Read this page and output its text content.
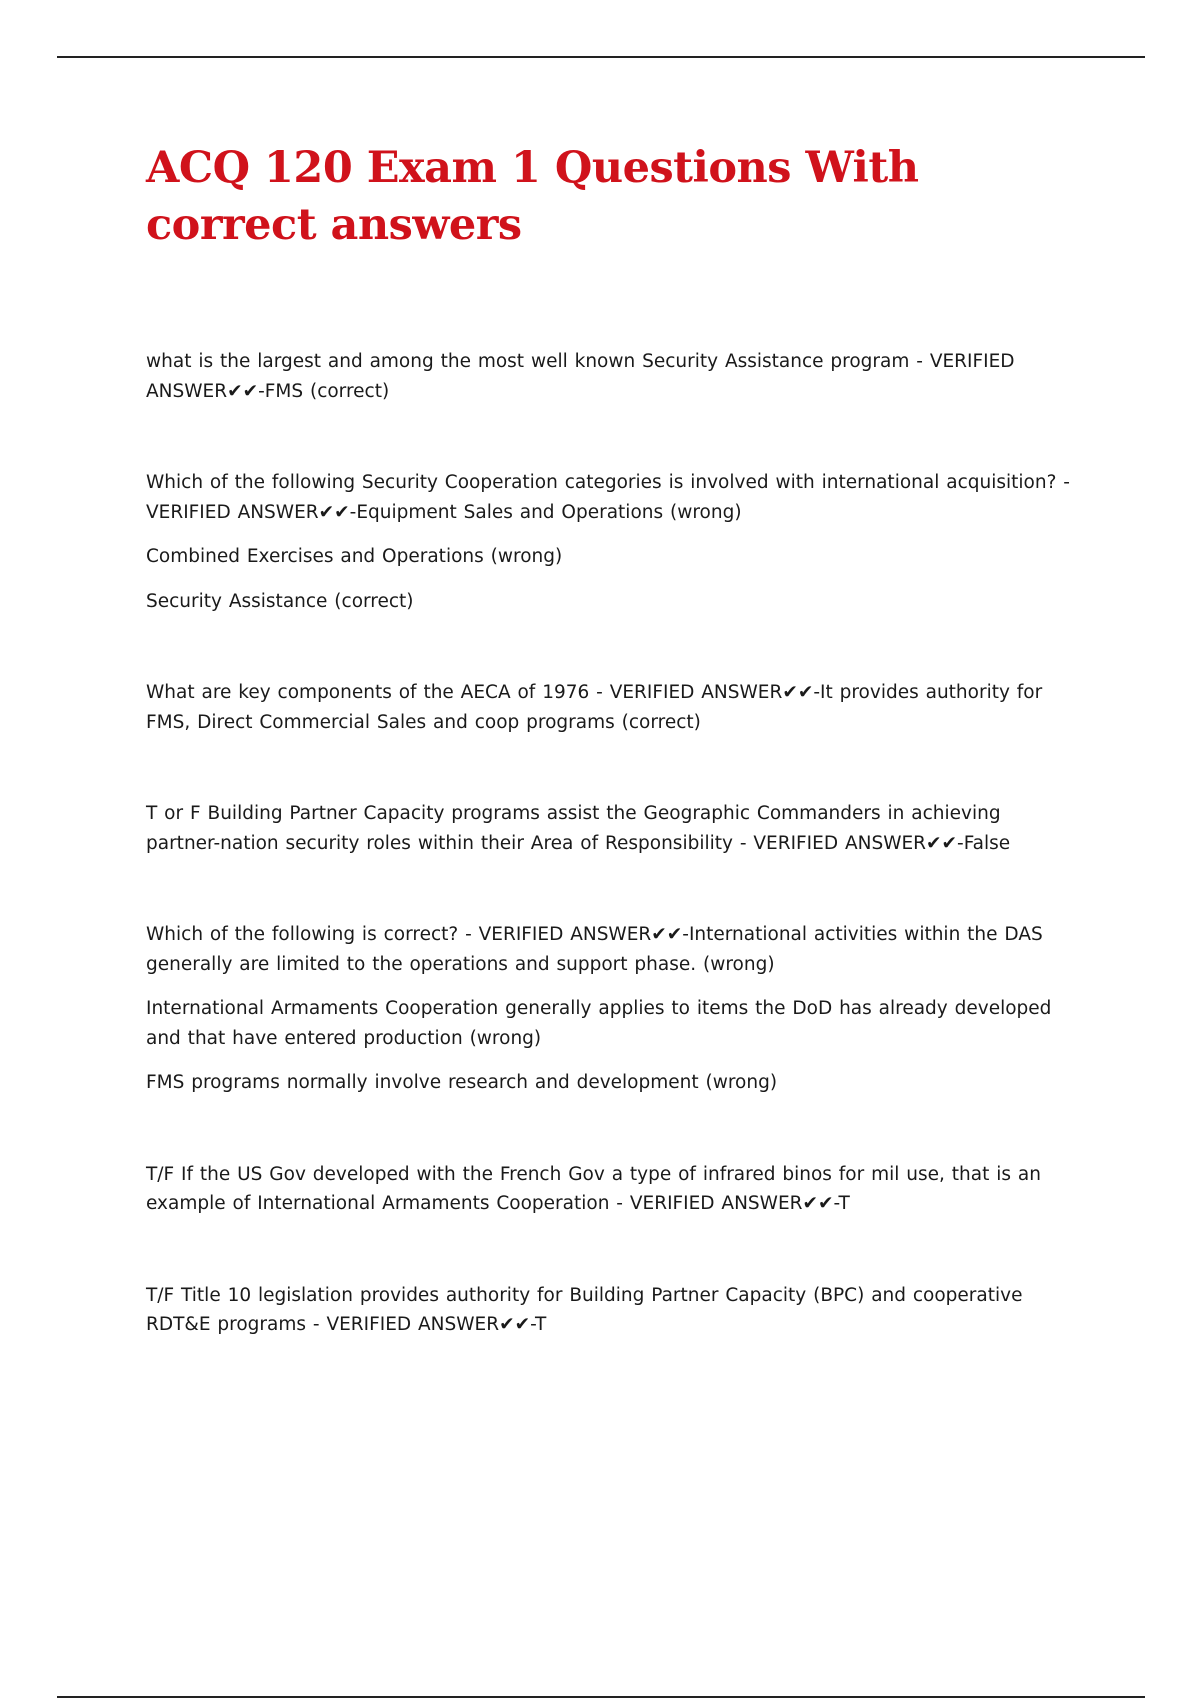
ACQ 120 Exam 1 Questions With correct answers

what is the largest and among the most well known Security Assistance program - VERIFIED ANSWER✔✔-FMS (correct)

Which of the following Security Cooperation categories is involved with international acquisition? - VERIFIED ANSWER✔✔-Equipment Sales and Operations (wrong)

Combined Exercises and Operations (wrong)

Security Assistance (correct)

What are key components of the AECA of 1976 - VERIFIED ANSWER✔✔-It provides authority for FMS, Direct Commercial Sales and coop programs (correct)

T or F Building Partner Capacity programs assist the Geographic Commanders in achieving partner-nation security roles within their Area of Responsibility - VERIFIED ANSWER✔✔-False

Which of the following is correct? - VERIFIED ANSWER✔✔-International activities within the DAS generally are limited to the operations and support phase. (wrong)

International Armaments Cooperation generally applies to items the DoD has already developed and that have entered production (wrong)

FMS programs normally involve research and development (wrong)

T/F If the US Gov developed with the French Gov a type of infrared binos for mil use, that is an example of International Armaments Cooperation - VERIFIED ANSWER✔✔-T

T/F Title 10 legislation provides authority for Building Partner Capacity (BPC) and cooperative RDT&E programs - VERIFIED ANSWER✔✔-T
